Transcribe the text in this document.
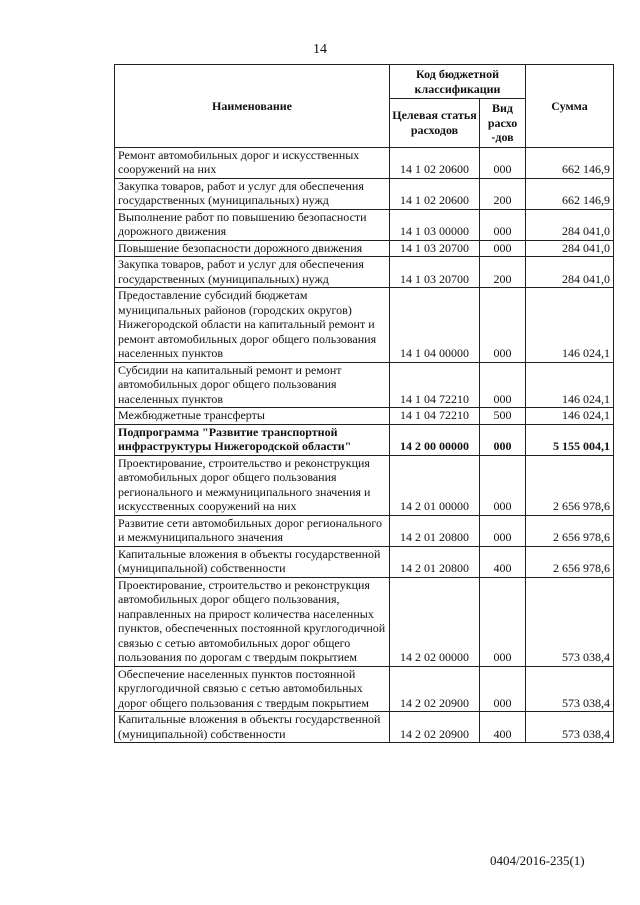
14
Наименование	Код бюджетной классификации		Сумма
	Целевая статья расходов	Вид расхо -дов	
Ремонт автомобильных дорог и искусственных сооружений на них	14 1 02 20600	000	662 146,9
Закупка товаров, работ и услуг для обеспечения государственных (муниципальных) нужд	14 1 02 20600	200	662 146,9
Выполнение работ по повышению безопасности дорожного движения	14 1 03 00000	000	284 041,0
Повышение безопасности дорожного движения	14 1 03 20700	000	284 041,0
Закупка товаров, работ и услуг для обеспечения государственных (муниципальных) нужд	14 1 03 20700	200	284 041,0
Предоставление субсидий бюджетам муниципальных районов (городских округов) Нижегородской области на капитальный ремонт и ремонт автомобильных дорог общего пользования населенных пунктов	14 1 04 00000	000	146 024,1
Субсидии на капитальный ремонт и ремонт автомобильных дорог общего пользования населенных пунктов	14 1 04 72210	000	146 024,1
Межбюджетные трансферты	14 1 04 72210	500	146 024,1
Подпрограмма "Развитие транспортной инфраструктуры Нижегородской области"	14 2 00 00000	000	5 155 004,1
Проектирование, строительство и реконструкция автомобильных дорог общего пользования регионального и межмуниципального значения и искусственных сооружений на них	14 2 01 00000	000	2 656 978,6
Развитие сети автомобильных дорог регионального и межмуниципального значения	14 2 01 20800	000	2 656 978,6
Капитальные вложения в объекты государственной (муниципальной) собственности	14 2 01 20800	400	2 656 978,6
Проектирование, строительство и реконструкция автомобильных дорог общего пользования, направленных на прирост количества населенных пунктов, обеспеченных постоянной круглогодичной связью с сетью автомобильных дорог общего пользования по дорогам с твердым покрытием	14 2 02 00000	000	573 038,4
Обеспечение населенных пунктов постоянной круглогодичной связью с сетью автомобильных дорог общего пользования с твердым покрытием	14 2 02 20900	000	573 038,4
Капитальные вложения в объекты государственной (муниципальной) собственности	14 2 02 20900	400	573 038,4
0404/2016-235(1)
